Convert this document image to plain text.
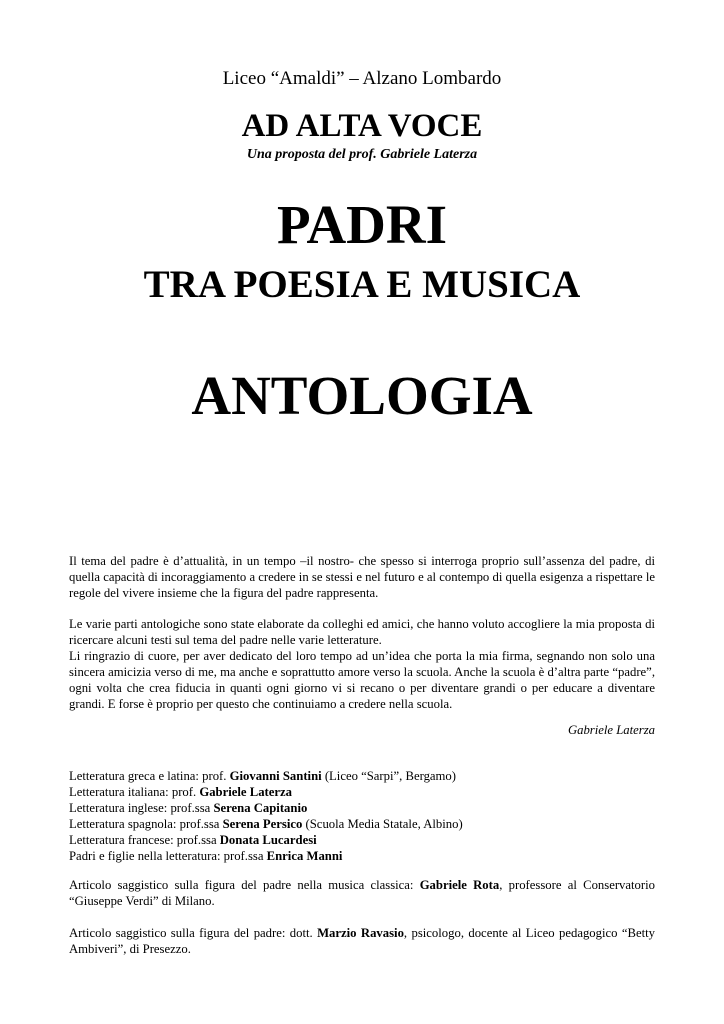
Liceo “Amaldi” – Alzano Lombardo
AD ALTA VOCE
Una proposta del prof. Gabriele Laterza
PADRI
TRA POESIA E MUSICA
ANTOLOGIA

Il tema del padre è d’attualità, in un tempo –il nostro- che spesso si interroga proprio sull’assenza del padre, di quella capacità di incoraggiamento a credere in se stessi e nel futuro e al contempo di quella esigenza a rispettare le regole del vivere insieme che la figura del padre rappresenta.

Le varie parti antologiche sono state elaborate da colleghi ed amici, che hanno voluto accogliere la mia proposta di ricercare alcuni testi sul tema del padre nelle varie letterature.
Li ringrazio di cuore, per aver dedicato del loro tempo ad un’idea che porta la mia firma, segnando non solo una sincera amicizia verso di me, ma anche e soprattutto amore verso la scuola. Anche la scuola è d’altra parte “padre”, ogni volta che crea fiducia in quanti ogni giorno vi si recano o per diventare grandi o per educare a diventare grandi. E forse è proprio per questo che continuiamo a credere nella scuola.
Gabriele Laterza
Letteratura greca e latina: prof. Giovanni Santini (Liceo “Sarpi”, Bergamo)
Letteratura italiana: prof. Gabriele Laterza
Letteratura inglese: prof.ssa Serena Capitanio
Letteratura spagnola: prof.ssa Serena Persico (Scuola Media Statale, Albino)
Letteratura francese: prof.ssa Donata Lucardesi
Padri e figlie nella letteratura: prof.ssa Enrica Manni

Articolo saggistico sulla figura del padre nella musica classica: Gabriele Rota, professore al Conservatorio “Giuseppe Verdi” di Milano.

Articolo saggistico sulla figura del padre: dott. Marzio Ravasio, psicologo, docente al Liceo pedagogico “Betty Ambiveri”, di Presezzo.
